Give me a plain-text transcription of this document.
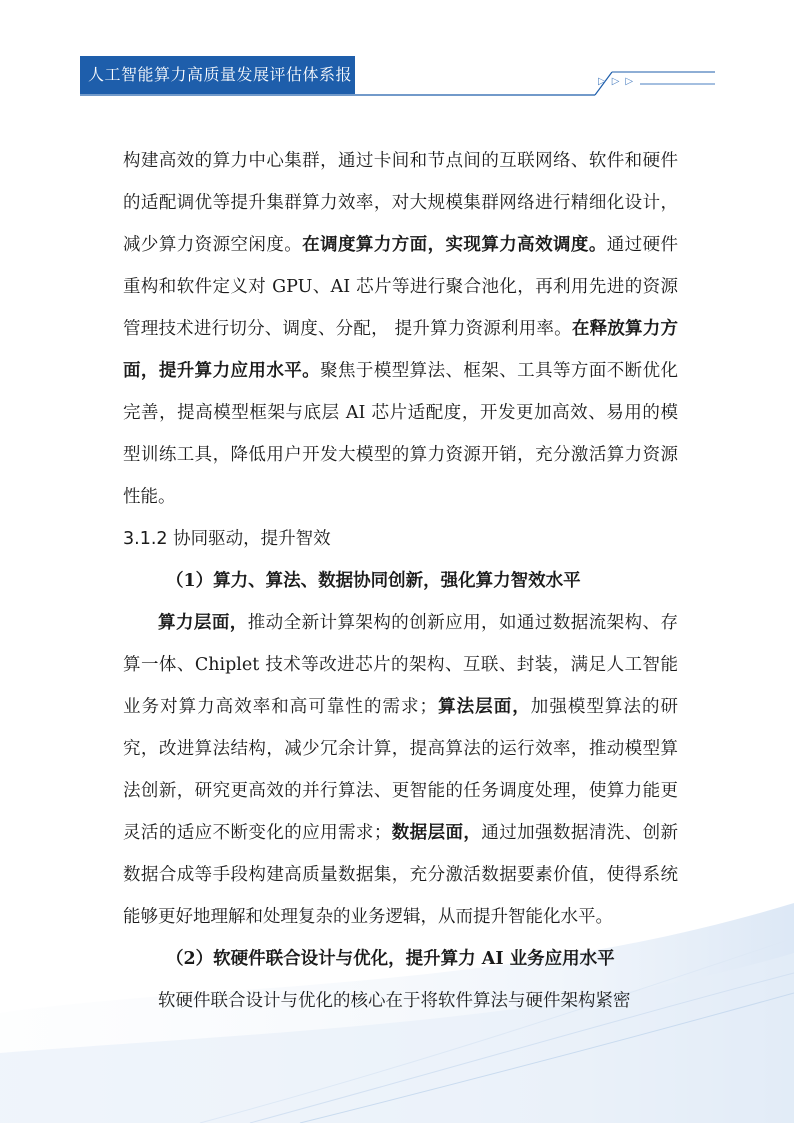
人工智能算力高质量发展评估体系报告
▷▷▷

构建高效的算力中心集群，通过卡间和节点间的互联网络、软件和硬件的适配调优等提升集群算力效率，对大规模集群网络进行精细化设计，减少算力资源空闲度。在调度算力方面，实现算力高效调度。通过硬件重构和软件定义对 GPU、AI 芯片等进行聚合池化，再利用先进的资源管理技术进行切分、调度、分配， 提升算力资源利用率。在释放算力方面，提升算力应用水平。聚焦于模型算法、框架、工具等方面不断优化完善，提高模型框架与底层 AI 芯片适配度，开发更加高效、易用的模型训练工具，降低用户开发大模型的算力资源开销，充分激活算力资源性能。

3.1.2 协同驱动，提升智效

（1）算力、算法、数据协同创新，强化算力智效水平

算力层面，推动全新计算架构的创新应用，如通过数据流架构、存算一体、Chiplet 技术等改进芯片的架构、互联、封装，满足人工智能业务对算力高效率和高可靠性的需求；算法层面，加强模型算法的研究，改进算法结构，减少冗余计算，提高算法的运行效率，推动模型算法创新，研究更高效的并行算法、更智能的任务调度处理，使算力能更灵活的适应不断变化的应用需求；数据层面，通过加强数据清洗、创新数据合成等手段构建高质量数据集，充分激活数据要素价值，使得系统能够更好地理解和处理复杂的业务逻辑，从而提升智能化水平。

（2）软硬件联合设计与优化，提升算力 AI 业务应用水平

软硬件联合设计与优化的核心在于将软件算法与硬件架构紧密
